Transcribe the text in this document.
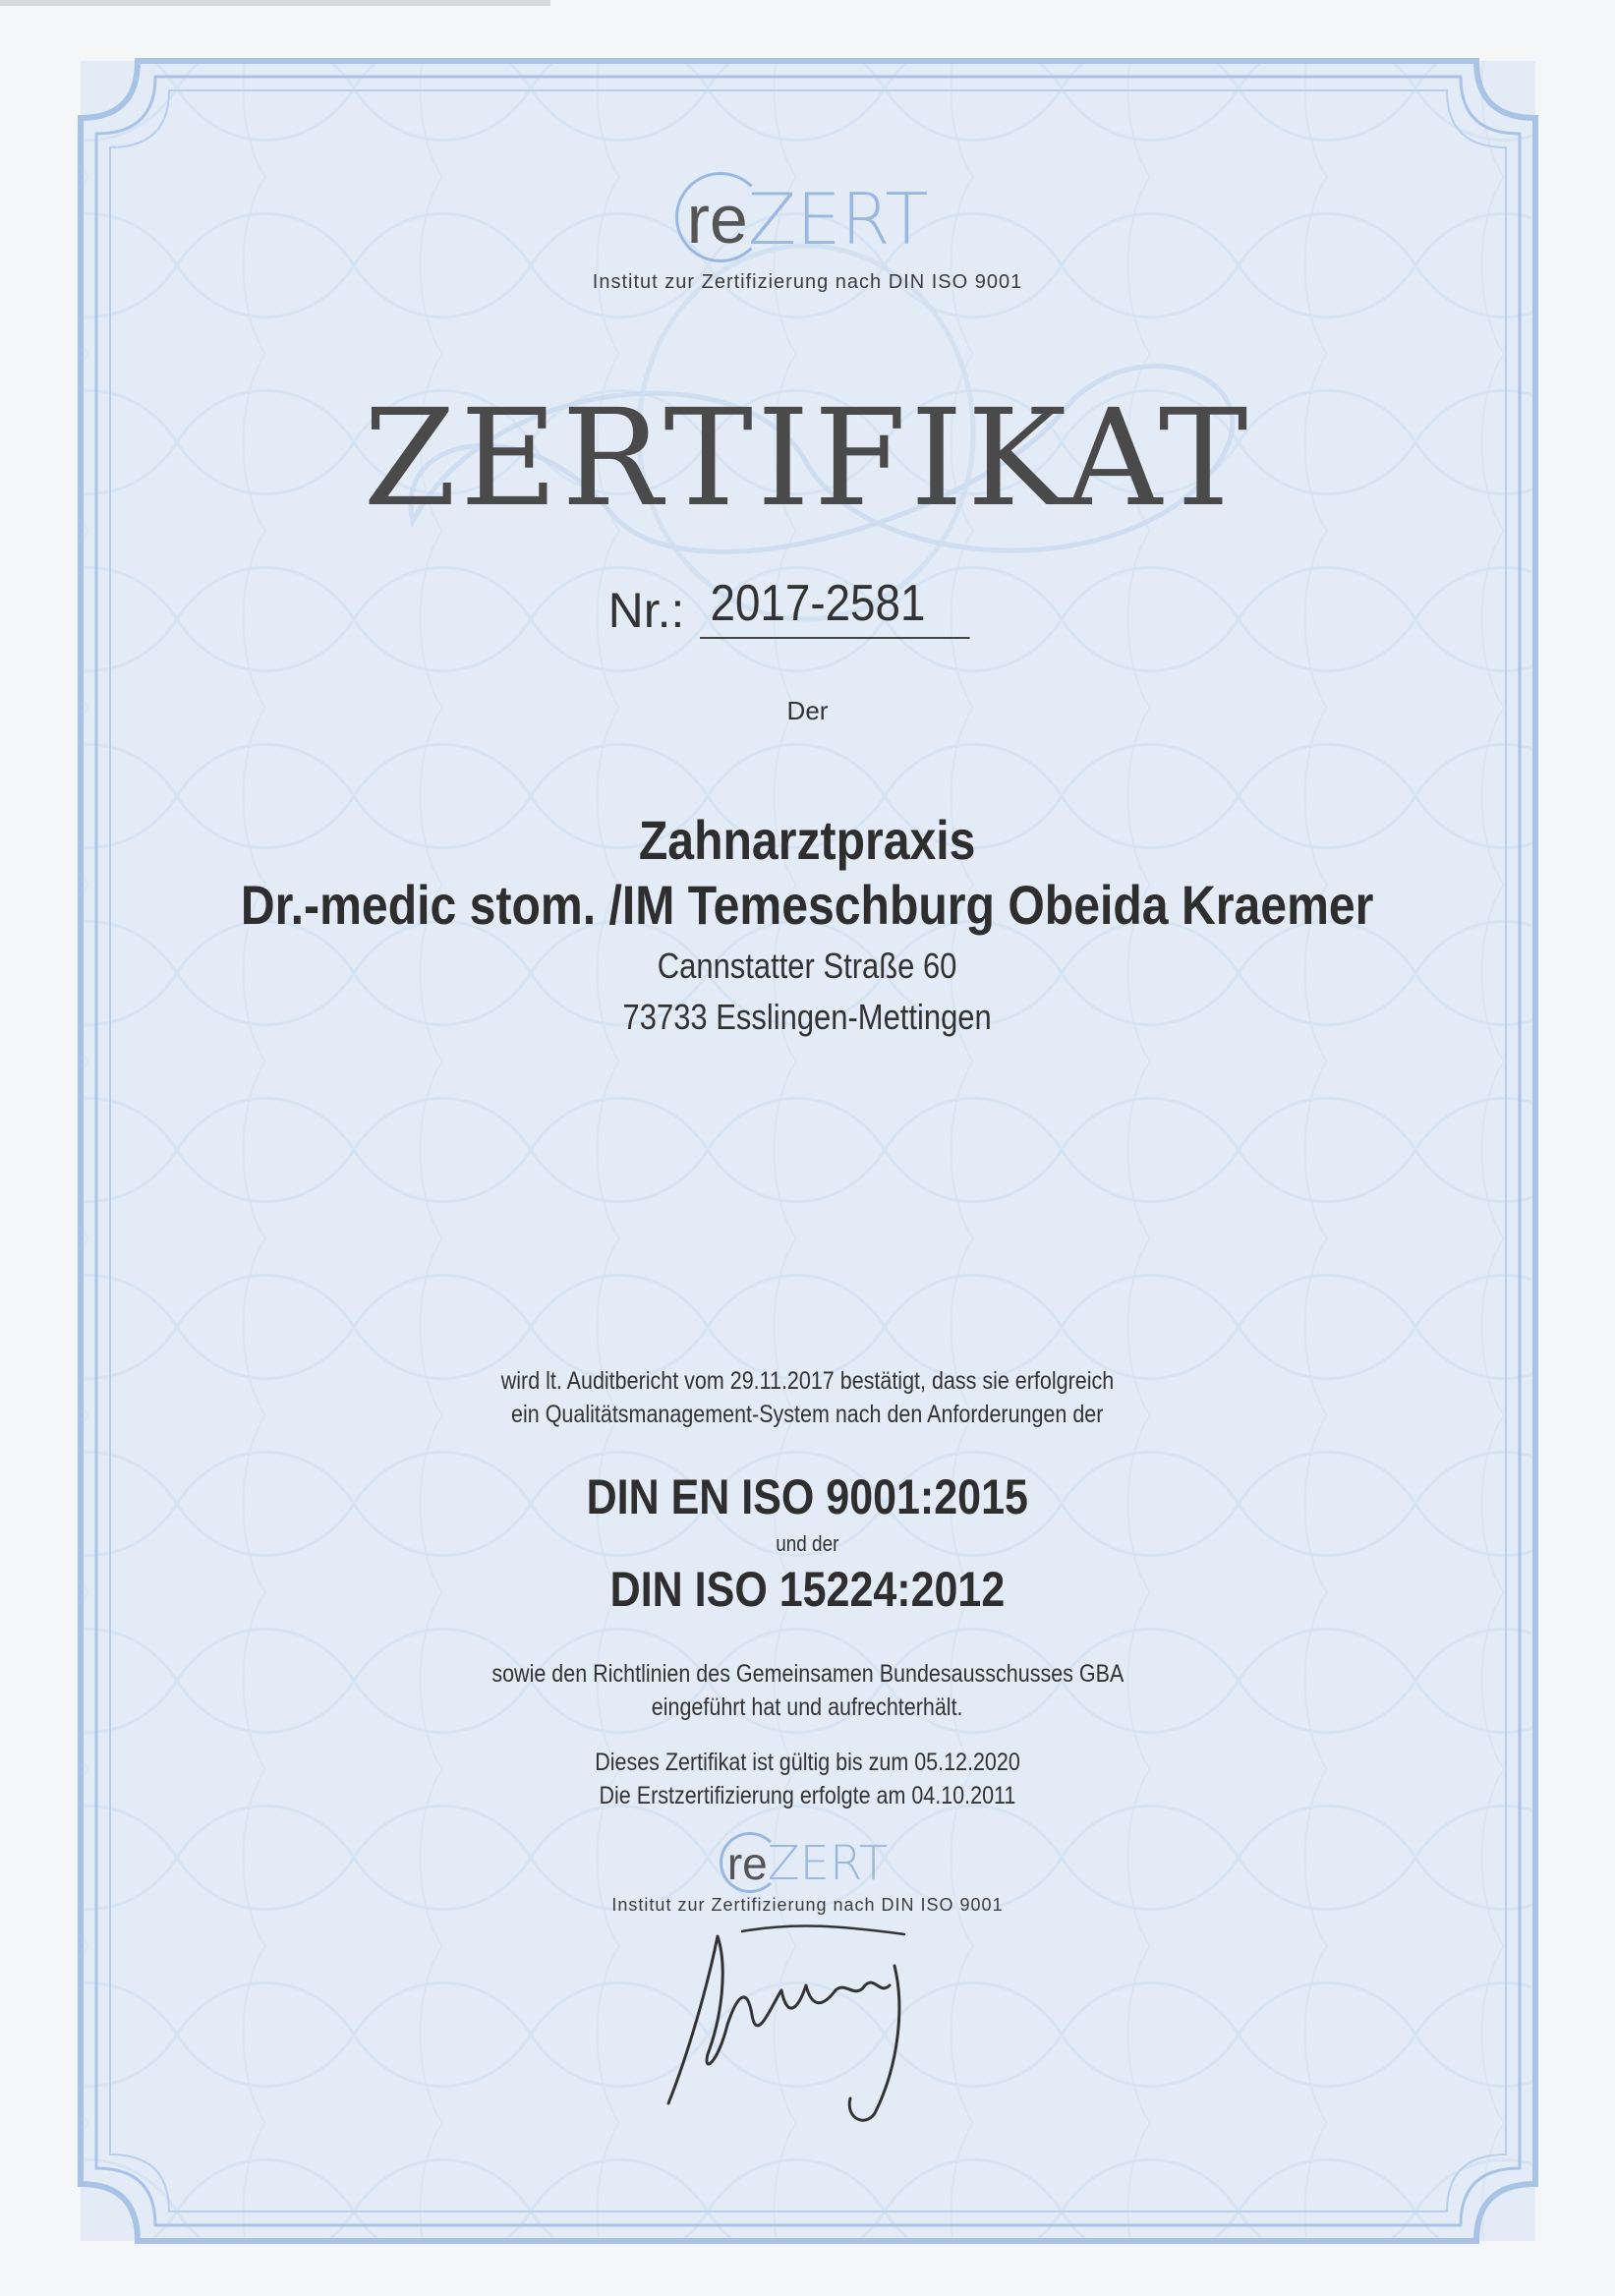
re ZERT
Institut zur Zertifizierung nach DIN ISO 9001
ZERTIFIKAT
Nr.: 2017-2581
Der
Zahnarztpraxis
Dr.-medic stom. /IM Temeschburg Obeida Kraemer
Cannstatter Straße 60
73733 Esslingen-Mettingen
wird lt. Auditbericht vom 29.11.2017 bestätigt, dass sie erfolgreich
ein Qualitätsmanagement-System nach den Anforderungen der
DIN EN ISO 9001:2015
und der
DIN ISO 15224:2012
sowie den Richtlinien des Gemeinsamen Bundesausschusses GBA
eingeführt hat und aufrechterhält.
Dieses Zertifikat ist gültig bis zum 05.12.2020
Die Erstzertifizierung erfolgte am 04.10.2011
re ZERT
Institut zur Zertifizierung nach DIN ISO 9001
